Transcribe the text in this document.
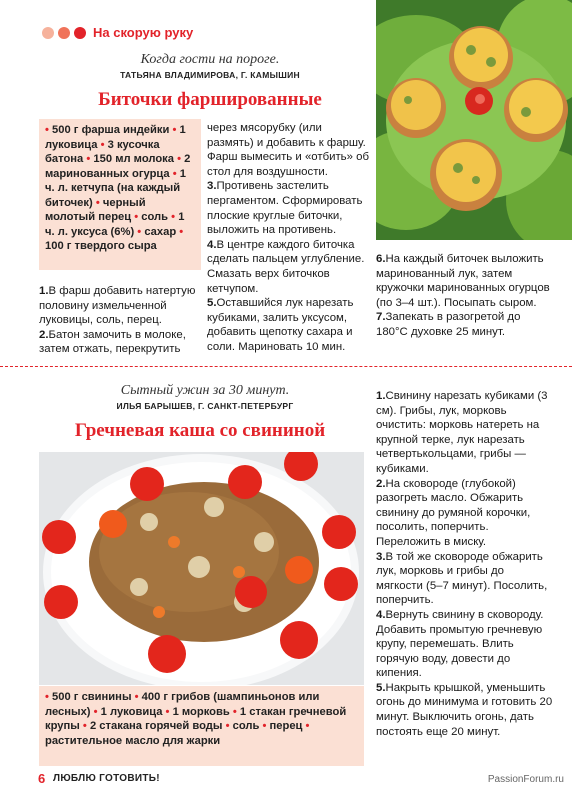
На скорую руку
Когда гости на пороге.
ТАТЬЯНА ВЛАДИМИРОВА, Г. КАМЫШИН
Биточки фаршированные
• 500 г фарша индейки • 1 луковица • 3 кусочка батона • 150 мл молока • 2 маринованных огурца • 1 ч. л. кетчупа (на каждый биточек) • черный молотый перец • соль • 1 ч. л. уксуса (6%) • сахар • 100 г твердого сыра

1.В фарш добавить натертую половину измельченной луковицы, соль, перец.

2.Батон замочить в молоке, затем отжать, перекрутить

через мясорубку (или размять) и добавить к фаршу. Фарш вымесить и «отбить» об стол для воздушности.

3.Противень застелить пергаментом. Сформировать плоские круглые биточки, выложить на противень.

4.В центре каждого биточка сделать пальцем углубление. Смазать верх биточков кетчупом.

5.Оставшийся лук нарезать кубиками, залить уксусом, добавить щепотку сахара и соли. Мариновать 10 мин.

6.На каждый биточек выложить маринованный лук, затем кружочки маринованных огурцов (по 3–4 шт.). Посыпать сыром.

7.Запекать в разогретой до 180°С духовке 25 минут.

Сытный ужин за 30 минут.
ИЛЬЯ БАРЫШЕВ, Г. САНКТ-ПЕТЕРБУРГ
Гречневая каша со свининой
• 500 г свинины • 400 г грибов (шампиньонов или лесных) • 1 луковица • 1 морковь • 1 стакан гречневой крупы • 2 стакана горячей воды • соль • перец • растительное масло для жарки

1.Свинину нарезать кубиками (3 см). Грибы, лук, морковь очистить: морковь натереть на крупной терке, лук нарезать четвертькольцами, грибы — кубиками.

2.На сковороде (глубокой) разогреть масло. Обжарить свинину до румяной корочки, посолить, поперчить. Переложить в миску.

3.В той же сковороде обжарить лук, морковь и грибы до мягкости (5–7 минут). Посолить, поперчить.

4.Вернуть свинину в сковороду. Добавить промытую гречневую крупу, перемешать. Влить горячую воду, довести до кипения.

5.Накрыть крышкой, уменьшить огонь до минимума и готовить 20 минут. Выключить огонь, дать постоять еще 20 минут.

6 ЛЮБЛЮ ГОТОВИТЬ!	PassionForum.ru
